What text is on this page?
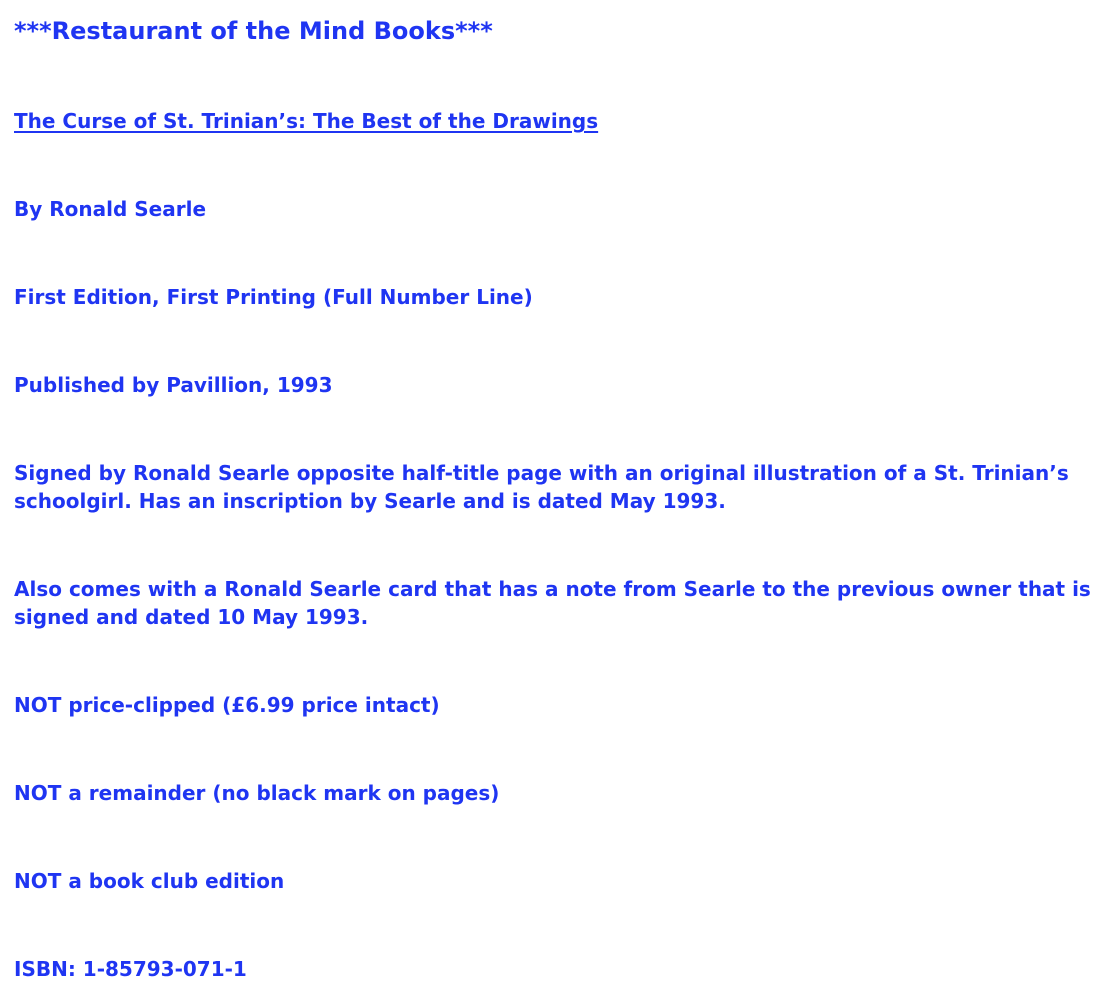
***Restaurant of the Mind Books***

The Curse of St. Trinian’s: The Best of the Drawings

By Ronald Searle

First Edition, First Printing (Full Number Line)

Published by Pavillion, 1993

Signed by Ronald Searle opposite half-title page with an original illustration of a St. Trinian’s

schoolgirl. Has an inscription by Searle and is dated May 1993.

Also comes with a Ronald Searle card that has a note from Searle to the previous owner that is

signed and dated 10 May 1993.

NOT price-clipped (£6.99 price intact)

NOT a remainder (no black mark on pages)

NOT a book club edition

ISBN: 1-85793-071-1
